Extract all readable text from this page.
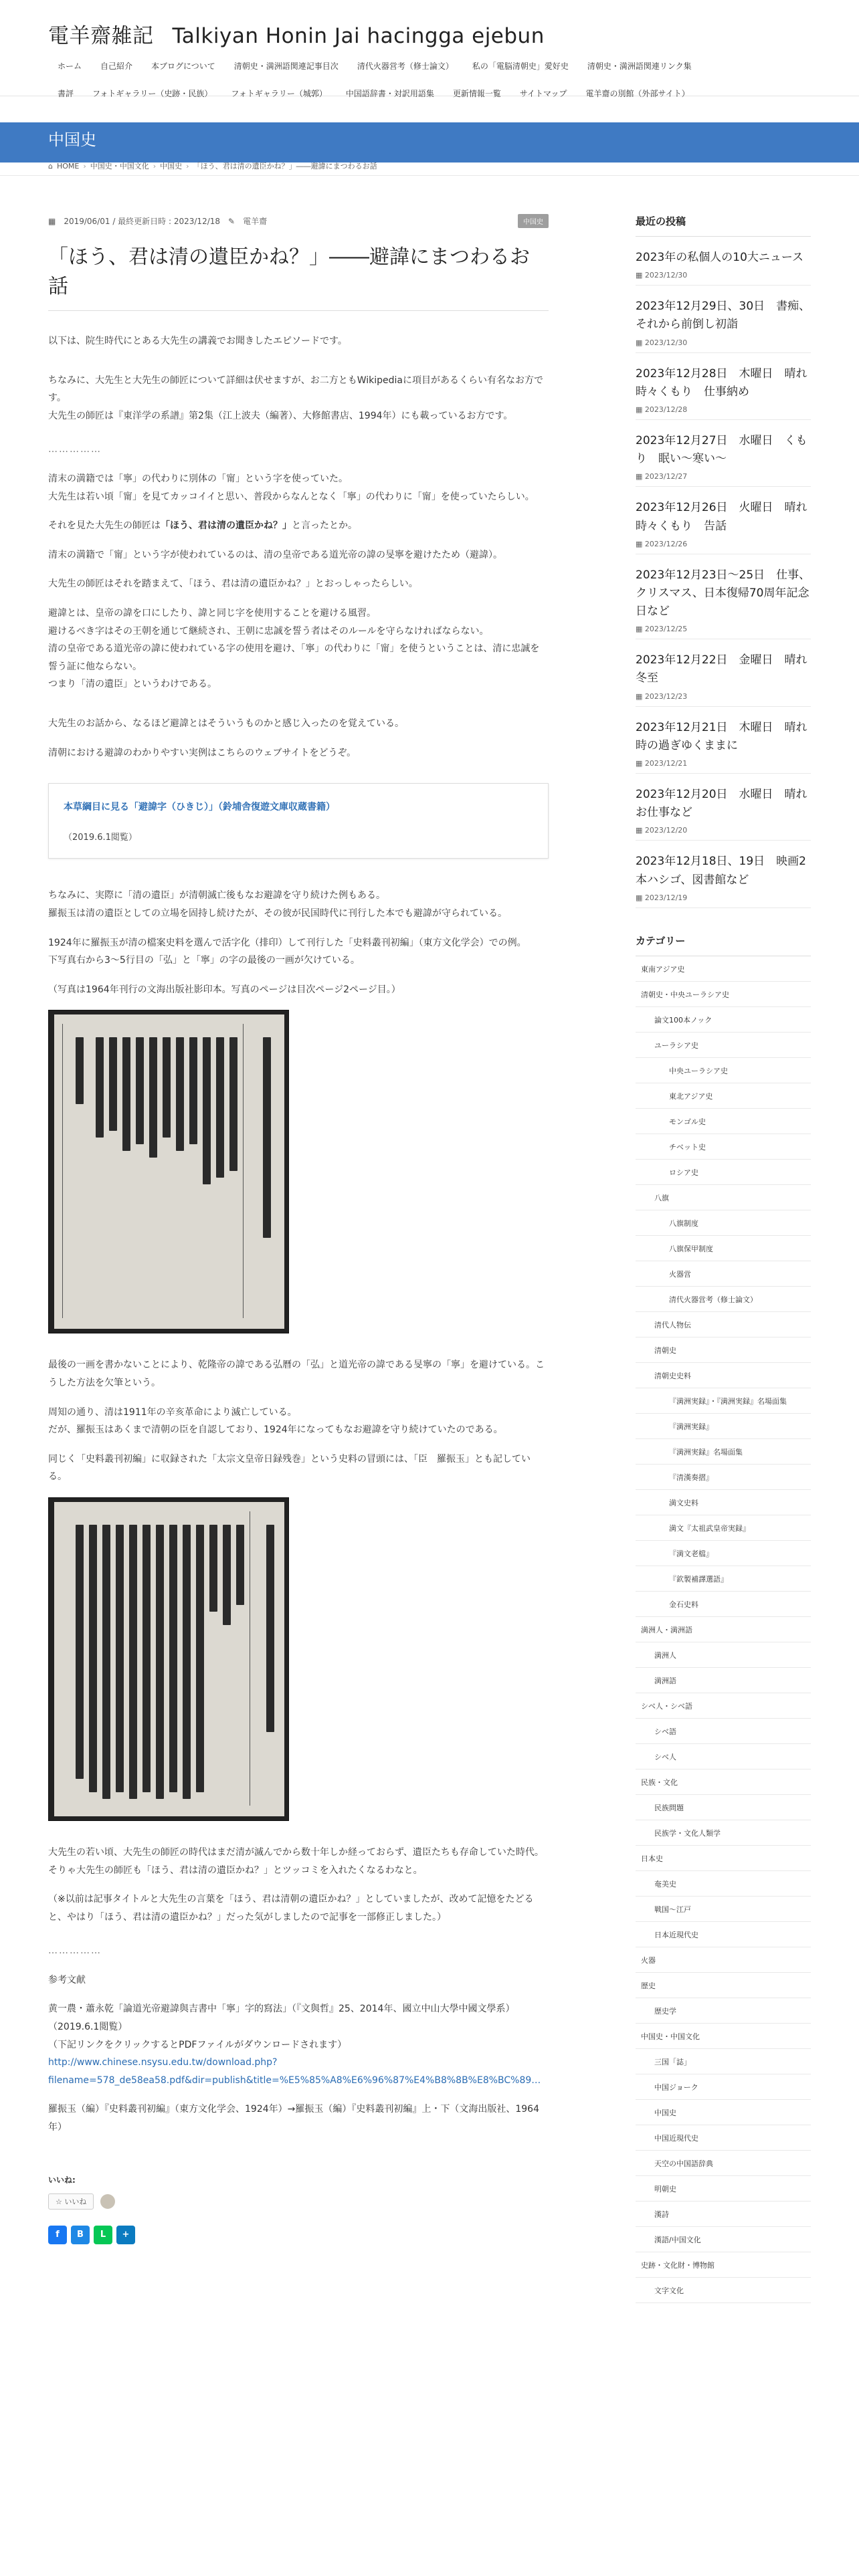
電羊齋雑記 Talkiyan Honin Jai hacingga ejebun
ホーム	自己紹介	本ブログについて	清朝史・満洲語関連記事目次	清代火器営考（修士論文）	私の「電脳清朝史」愛好史	清朝史・満洲語関連リンク集
書評	フォトギャラリー（史跡・民族）	フォトギャラリー（城郭）	中国語辞書・対訳用語集	更新情報一覧	サイトマップ	電羊齋の別館（外部サイト）
中国史
⌂ HOME › 中国史・中国文化 › 中国史 › 「ほう、君は清の遺臣かね？」――避諱にまつわるお話
▦ 2019/06/01 / 最終更新日時 : 2023/12/18 ✎ 電羊齋	中国史
「ほう、君は清の遺臣かね？」――避諱にまつわるお話

以下は、院生時代にとある大先生の講義でお聞きしたエピソードです。

ちなみに、大先生と大先生の師匠について詳細は伏せますが、お二方ともWikipediaに項目があるくらい有名なお方です。

大先生の師匠は『東洋学の系譜』第2集（江上波夫（編著）、大修館書店、1994年）にも載っているお方です。

……………

清末の満籍では「寧」の代わりに別体の「甯」という字を使っていた。

大先生は若い頃「甯」を見てカッコイイと思い、普段からなんとなく「寧」の代わりに「甯」を使っていたらしい。

それを見た大先生の師匠は「ほう、君は清の遺臣かね？」と言ったとか。

清末の満籍で「甯」という字が使われているのは、清の皇帝である道光帝の諱の旻寧を避けたため（避諱）。

大先生の師匠はそれを踏まえて、「ほう、君は清の遺臣かね？」とおっしゃったらしい。

避諱とは、皇帝の諱を口にしたり、諱と同じ字を使用することを避ける風習。

避けるべき字はその王朝を通じて継続され、王朝に忠誠を誓う者はそのルールを守らなければならない。

清の皇帝である道光帝の諱に使われている字の使用を避け、「寧」の代わりに「甯」を使うということは、清に忠誠を誓う証に他ならない。

つまり「清の遺臣」というわけである。

大先生のお話から、なるほど避諱とはそういうものかと感じ入ったのを覚えている。

清朝における避諱のわかりやすい実例はこちらのウェブサイトをどうぞ。

本草綱目に見る「避諱字（ひきじ）」（鈴埔舎復遊文庫収蔵書籍）
（2019.6.1閲覧）

ちなみに、実際に「清の遺臣」が清朝滅亡後もなお避諱を守り続けた例もある。

羅振玉は清の遺臣としての立場を固持し続けたが、その彼が民国時代に刊行した本でも避諱が守られている。

1924年に羅振玉が清の檔案史料を選んで活字化（排印）して刊行した「史料叢刊初編」（東方文化学会）での例。

下写真右から3～5行目の「弘」と「寧」の字の最後の一画が欠けている。

（写真は1964年刊行の文海出版社影印本。写真のページは目次ページ2ページ目。）

最後の一画を書かないことにより、乾隆帝の諱である弘曆の「弘」と道光帝の諱である旻寧の「寧」を避けている。こうした方法を欠筆という。

周知の通り、清は1911年の辛亥革命により滅亡している。

だが、羅振玉はあくまで清朝の臣を自認しており、1924年になってもなお避諱を守り続けていたのである。

同じく「史料叢刊初編」に収録された「太宗文皇帝日録残巻」という史料の冒頭には、「臣　羅振玉」とも記している。

大先生の若い頃、大先生の師匠の時代はまだ清が滅んでから数十年しか経っておらず、遺臣たちも存命していた時代。

そりゃ大先生の師匠も「ほう、君は清の遺臣かね？」とツッコミを入れたくなるわなと。

（※以前は記事タイトルと大先生の言葉を「ほう、君は清朝の遺臣かね？」としていましたが、改めて記憶をたどると、やはり「ほう、君は清の遺臣かね？」だった気がしましたので記事を一部修正しました。）

……………

参考文献

黄一農・蕭永乾「論道光帝避諱與吉書中「寧」字的寫法」（『文與哲』25、2014年、國立中山大學中國文學系）（2019.6.1閲覧）

（下記リンクをクリックするとPDFファイルがダウンロードされます）

http://www.chinese.nsysu.edu.tw/download.php?

filename=578_de58ea58.pdf&dir=publish&title=%E5%85%A8%E6%96%87%E4%B8%8B%E8%BC%89…

羅振玉（編）『史料叢刊初編』（東方文化学会、1924年）→羅振玉（編）『史料叢刊初編』上・下（文海出版社、1964年）

いいね:
☆ いいね
f	B	L	+
最近の投稿
2023年の私個人の10大ニュース
▦ 2023/12/30
2023年12月29日、30日　書痴、それから前倒し初詣
▦ 2023/12/30
2023年12月28日　木曜日　晴れ時々くもり　仕事納め
▦ 2023/12/28
2023年12月27日　水曜日　くもり　眠い～寒い～
▦ 2023/12/27
2023年12月26日　火曜日　晴れ時々くもり　告話
▦ 2023/12/26
2023年12月23日～25日　仕事、クリスマス、日本復帰70周年記念日など
▦ 2023/12/25
2023年12月22日　金曜日　晴れ　冬至
▦ 2023/12/23
2023年12月21日　木曜日　晴れ　時の過ぎゆくままに
▦ 2023/12/21
2023年12月20日　水曜日　晴れ　お仕事など
▦ 2023/12/20
2023年12月18日、19日　映画2本ハシゴ、図書館など
▦ 2023/12/19
カテゴリー
東南アジア史
清朝史・中央ユーラシア史
論文100本ノック
ユーラシア史
中央ユーラシア史
東北アジア史
モンゴル史
チベット史
ロシア史
八旗
八旗制度
八旗保甲制度
火器営
清代火器営考（修士論文）
清代人物伝
清朝史
清朝史史料
『満洲実録』・『満洲実録』名場面集
『満洲実録』
『満洲実録』名場面集
『清漢奏摺』
満文史料
満文『太祖武皇帝実録』
『満文老檔』
『欽製補譯選語』
金石史料
満洲人・満洲語
満洲人
満洲語
シベ人・シベ語
シベ語
シベ人
民族・文化
民族問題
民族学・文化人類学
日本史
奄美史
戦国～江戸
日本近現代史
火器
歴史
歴史学
中国史・中国文化
三国「誌」
中国ジョーク
中国史
中国近現代史
天空の中国語辞典
明朝史
漢詩
漢語/中国文化
史跡・文化財・博物館
文字文化
